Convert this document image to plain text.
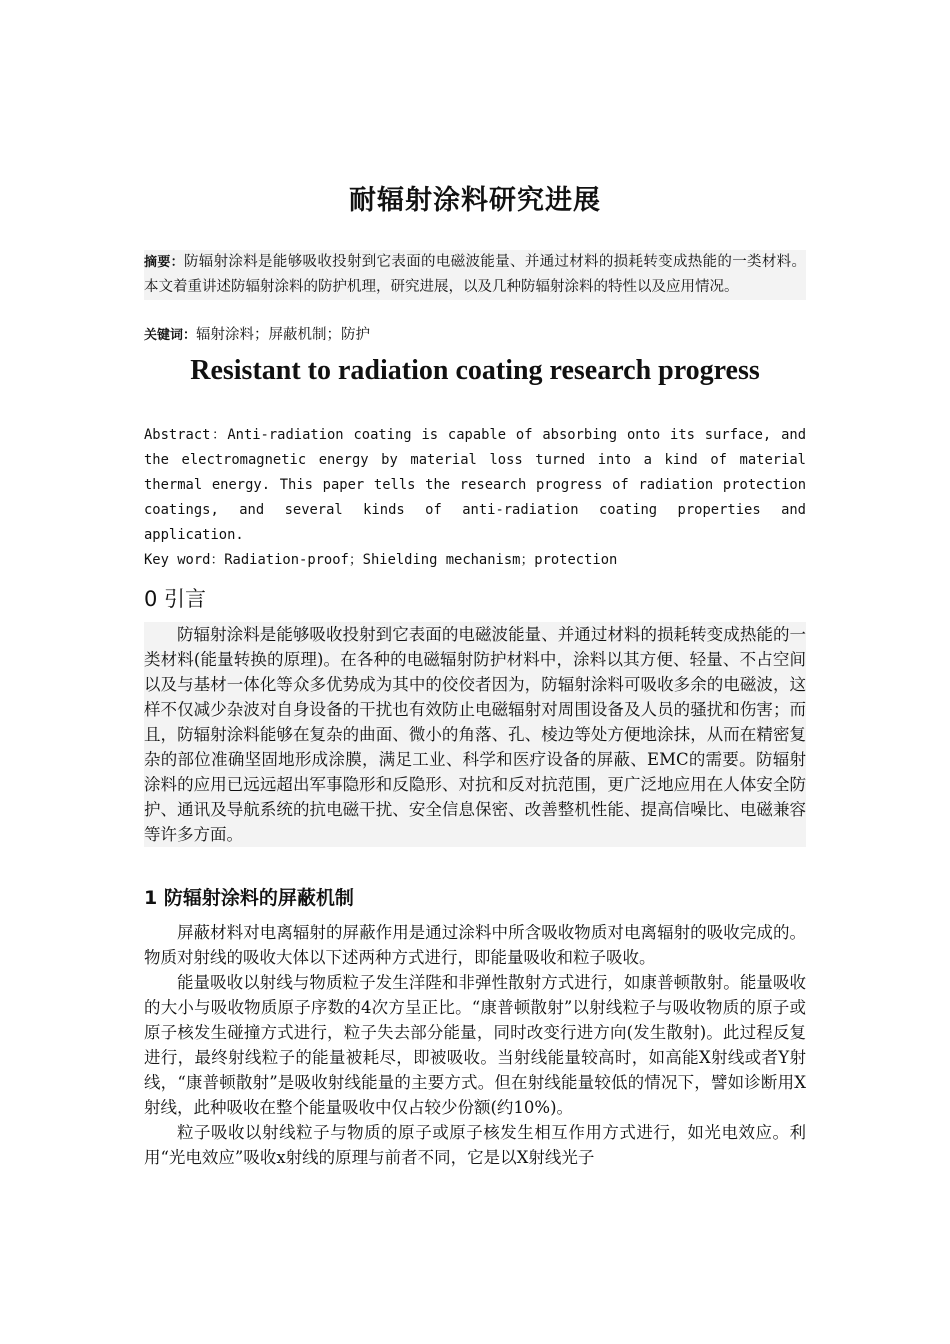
耐辐射涂料研究进展
摘要：防辐射涂料是能够吸收投射到它表面的电磁波能量、并通过材料的损耗转变成热能的一类材料。本文着重讲述防辐射涂料的防护机理，研究进展，以及几种防辐射涂料的特性以及应用情况。
关键词：辐射涂料；屏蔽机制；防护
Resistant to radiation coating research progress
Abstract：Anti-radiation coating is capable of absorbing onto its surface, and the electromagnetic energy by material loss turned into a kind of material thermal energy. This paper tells the research progress of radiation protection coatings, and several kinds of anti-radiation coating properties and application.
Key word：Radiation-proof；Shielding mechanism；protection
0 引言
防辐射涂料是能够吸收投射到它表面的电磁波能量、并通过材料的损耗转变成热能的一类材料(能量转换的原理)。在各种的电磁辐射防护材料中，涂料以其方便、轻量、不占空间以及与基材一体化等众多优势成为其中的佼佼者因为，防辐射涂料可吸收多余的电磁波，这样不仅减少杂波对自身设备的干扰也有效防止电磁辐射对周围设备及人员的骚扰和伤害；而且，防辐射涂料能够在复杂的曲面、微小的角落、孔、棱边等处方便地涂抹，从而在精密复杂的部位准确坚固地形成涂膜，满足工业、科学和医疗设备的屏蔽、EMC的需要。防辐射涂料的应用已远远超出军事隐形和反隐形、对抗和反对抗范围，更广泛地应用在人体安全防护、通讯及导航系统的抗电磁干扰、安全信息保密、改善整机性能、提高信噪比、电磁兼容等许多方面。
1 防辐射涂料的屏蔽机制

屏蔽材料对电离辐射的屏蔽作用是通过涂料中所含吸收物质对电离辐射的吸收完成的。物质对射线的吸收大体以下述两种方式进行，即能量吸收和粒子吸收。

能量吸收以射线与物质粒子发生洋陛和非弹性散射方式进行，如康普顿散射。能量吸收的大小与吸收物质原子序数的4次方呈正比。“康普顿散射”以射线粒子与吸收物质的原子或原子核发生碰撞方式进行，粒子失去部分能量，同时改变行进方向(发生散射)。此过程反复进行，最终射线粒子的能量被耗尽，即被吸收。当射线能量较高时，如高能X射线或者Y射线，“康普顿散射”是吸收射线能量的主要方式。但在射线能量较低的情况下，譬如诊断用X射线，此种吸收在整个能量吸收中仅占较少份额(约10%)。

粒子吸收以射线粒子与物质的原子或原子核发生相互作用方式进行，如光电效应。利用“光电效应”吸收x射线的原理与前者不同，它是以X射线光子
